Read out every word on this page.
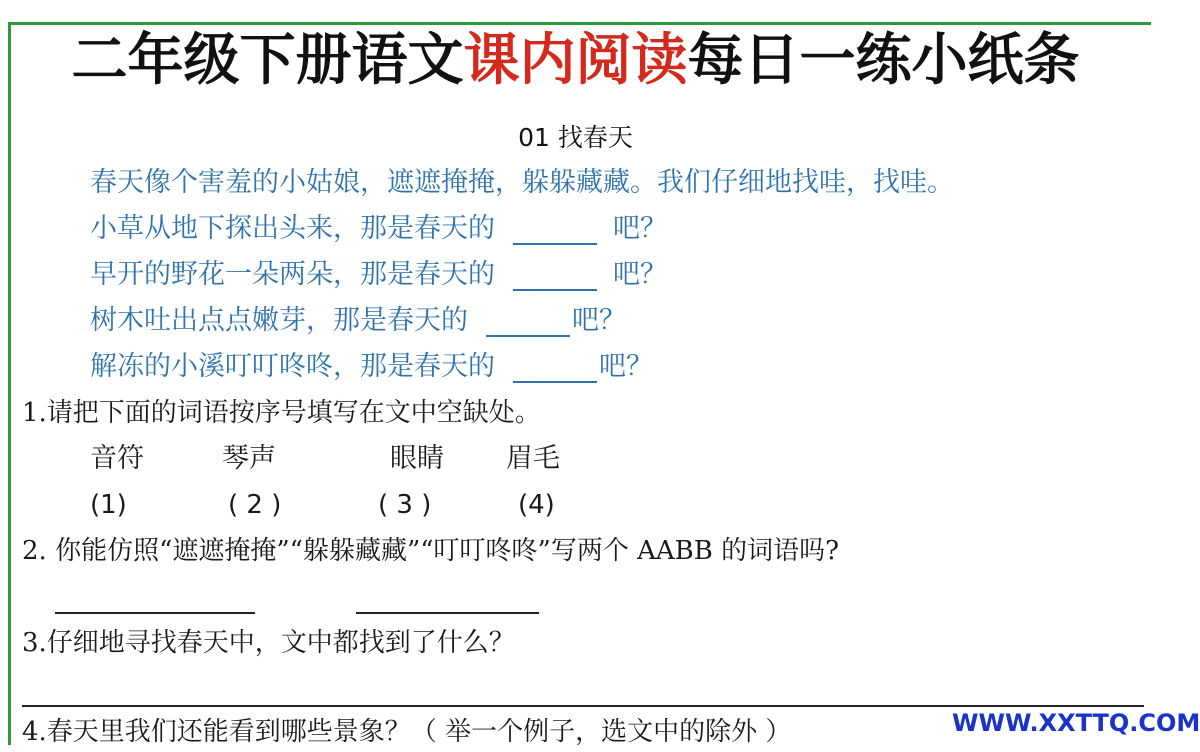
二年级下册语文课内阅读每日一练小纸条
01 找春天
春天像个害羞的小姑娘，遮遮掩掩，躲躲藏藏。我们仔细地找哇，找哇。
小草从地下探出头来，那是春天的	吧？
早开的野花一朵两朵，那是春天的	吧？
树木吐出点点嫩芽，那是春天的	吧？
解冻的小溪叮叮咚咚，那是春天的	吧？
1.请把下面的词语按序号填写在文中空缺处。
音符	琴声	眼睛 眉毛
(1)	( 2 )	( 3 )	(4)
2. 你能仿照“遮遮掩掩”“躲躲藏藏”“叮叮咚咚”写两个 AABB 的词语吗?
3.仔细地寻找春天中，文中都找到了什么？
4.春天里我们还能看到哪些景象？（ 举一个例子，选文中的除外 ）	WWW.XXTTQ.COM
